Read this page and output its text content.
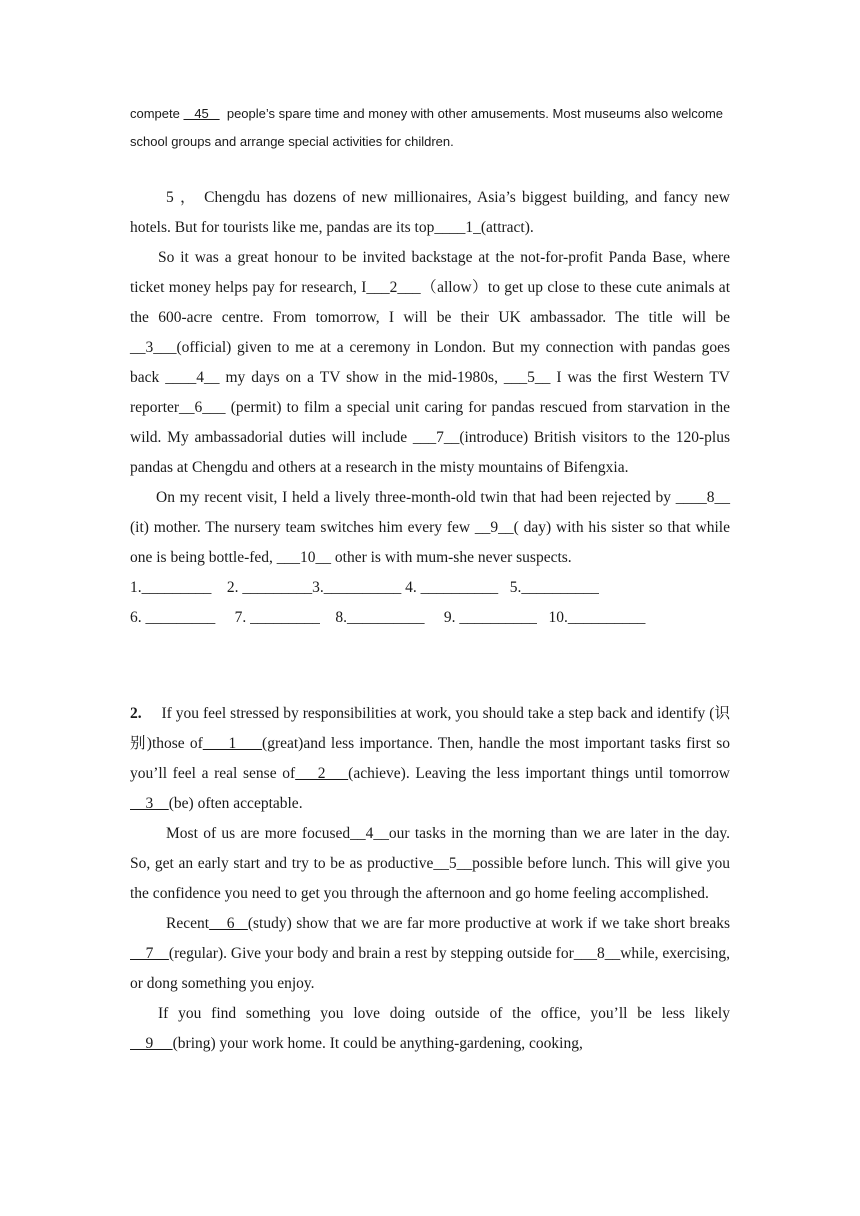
compete    45     people’s spare time and money with other amusements. Most museums also welcome school groups and arrange special activities for children.

5 ， Chengdu has dozens of new millionaires, Asia’s biggest building, and fancy new hotels. But for tourists like me, pandas are its top____1_(attract).

So it was a great honour to be invited backstage at the not-for-profit Panda Base, where ticket money helps pay for research, I___2___（allow）to get up close to these cute animals at the 600-acre centre. From tomorrow, I will be their UK ambassador. The title will be __3___(official) given to me at a ceremony in London. But my connection with pandas goes back ____4__ my days on a TV show in the mid-1980s, ___5__ I was the first Western TV reporter__6___ (permit) to film a special unit caring for pandas rescued from starvation in the wild. My ambassadorial duties will include ___7__(introduce) British visitors to the 120-plus pandas at Chengdu and others at a research in the misty mountains of Bifengxia.

On my recent visit, I held a lively three-month-old twin that had been rejected by ____8__ (it) mother. The nursery team switches him every few __9__( day) with his sister so that while one is being bottle-fed, ___10__ other is with mum-she never suspects.

1._________    2. _________3.__________ 4. __________   5.__________

6. _________     7. _________    8.__________     9. __________   10.__________

2.     If you feel stressed by responsibilities at work, you should take a step back and identify (识别)those of     1     (great)and less importance. Then, handle the most important tasks first so you’ll feel a real sense of    2    (achieve). Leaving the less important things until tomorrow    3    (be) often acceptable.

Most of us are more focused__4__our tasks in the morning than we are later in the day. So, get an early start and try to be as productive__5__possible before lunch. This will give you the confidence you need to get you through the afternoon and go home feeling accomplished.

Recent    6   (study) show that we are far more productive at work if we take short breaks    7    (regular). Give your body and brain a rest by stepping outside for___8__while, exercising, or dong something you enjoy.

If you find something you love doing outside of the office, you’ll be less likely    9     (bring) your work home. It could be anything-gardening, cooking,
